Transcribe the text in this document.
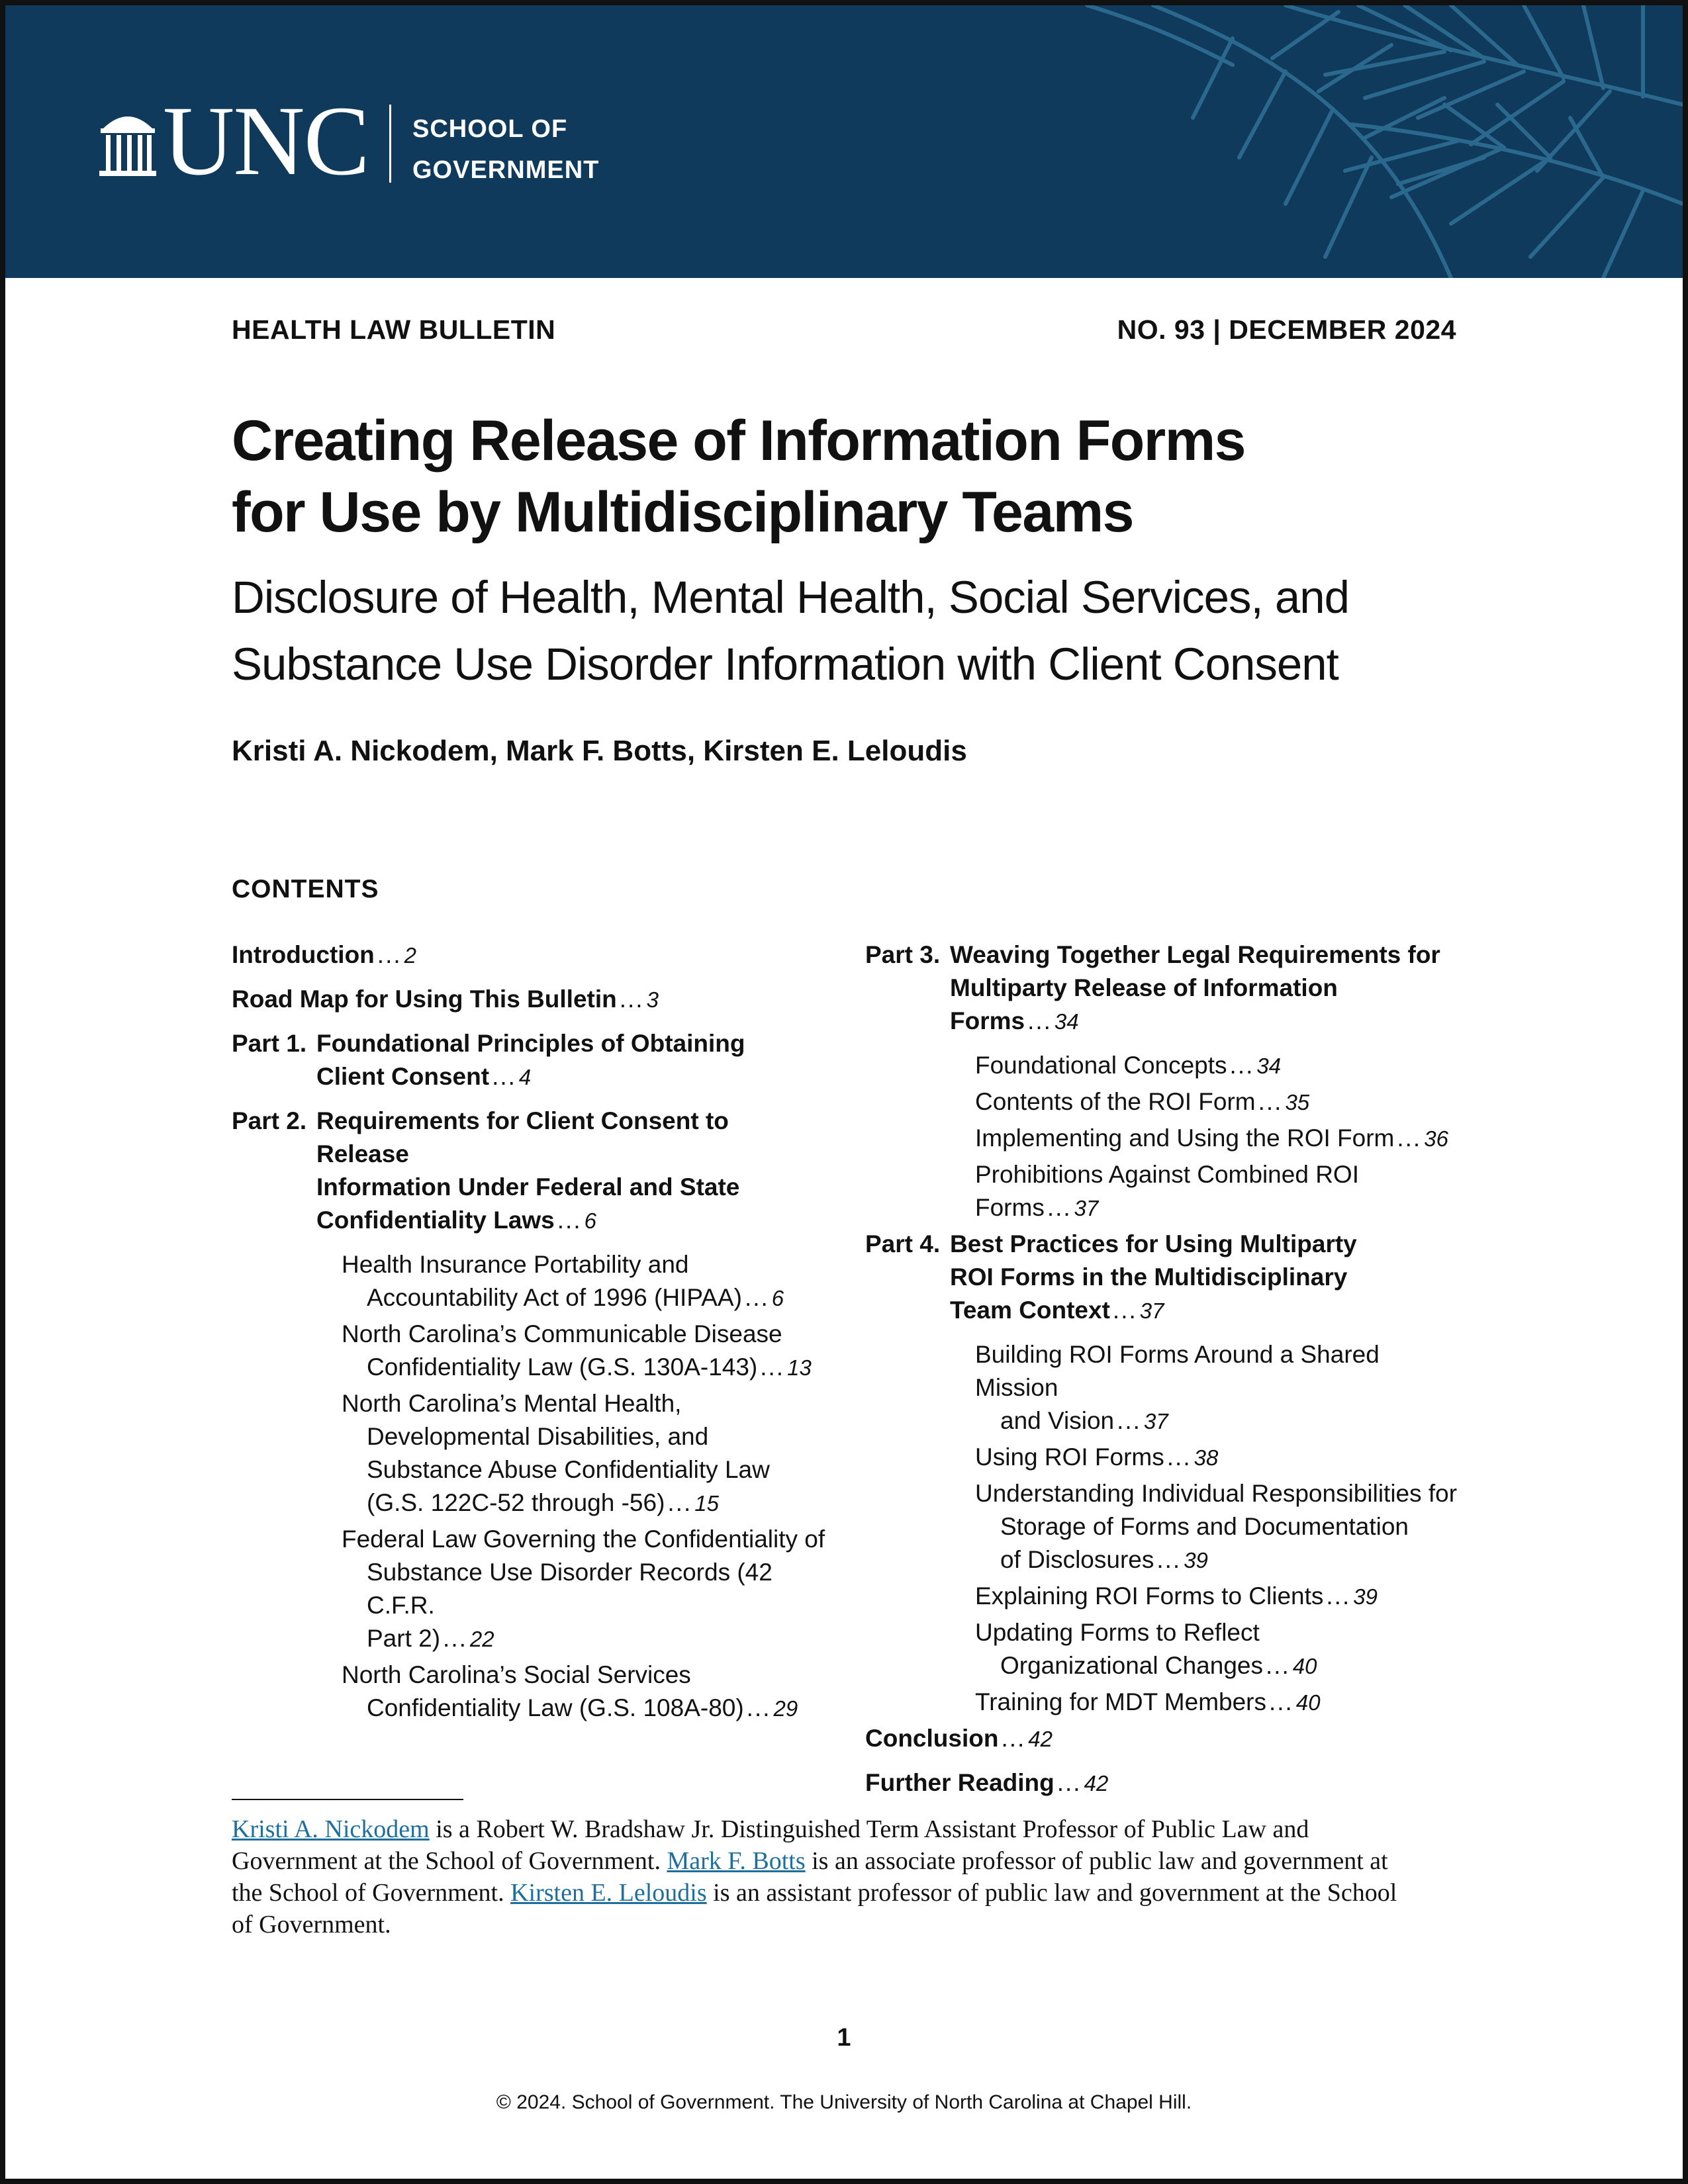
UNC SCHOOL OF
GOVERNMENT
HEALTH LAW BULLETIN	NO. 93 | DECEMBER 2024
Creating Release of Information Forms
for Use by Multidisciplinary Teams
Disclosure of Health, Mental Health, Social Services, and
Substance Use Disorder Information with Client Consent
Kristi A. Nickodem, Mark F. Botts, Kirsten E. Leloudis
CONTENTS
Introduction ... 2
Road Map for Using This Bulletin ... 3
Part 1. Foundational Principles of Obtaining
Client Consent ... 4
Part 2. Requirements for Client Consent to Release
Information Under Federal and State
Confidentiality Laws ... 6
Health Insurance Portability and
Accountability Act of 1996 (HIPAA) ... 6
North Carolina’s Communicable Disease
Confidentiality Law (G.S. 130A-143) ... 13
North Carolina’s Mental Health,
Developmental Disabilities, and
Substance Abuse Confidentiality Law
(G.S. 122C-52 through -56) ... 15
Federal Law Governing the Confidentiality of
Substance Use Disorder Records (42 C.F.R.
Part 2) ... 22
North Carolina’s Social Services
Confidentiality Law (G.S. 108A-80) ... 29
Part 3. Weaving Together Legal Requirements for
Multiparty Release of Information Forms ... 34
Foundational Concepts ... 34
Contents of the ROI Form ... 35
Implementing and Using the ROI Form ... 36
Prohibitions Against Combined ROI Forms ... 37
Part 4. Best Practices for Using Multiparty
ROI Forms in the Multidisciplinary
Team Context ... 37
Building ROI Forms Around a Shared Mission
and Vision ... 37
Using ROI Forms ... 38
Understanding Individual Responsibilities for
Storage of Forms and Documentation
of Disclosures ... 39
Explaining ROI Forms to Clients ... 39
Updating Forms to Reflect
Organizational Changes ... 40
Training for MDT Members ... 40
Conclusion ... 42
Further Reading ... 42

Kristi A. Nickodem is a Robert W. Bradshaw Jr. Distinguished Term Assistant Professor of Public Law and Government at the School of Government. Mark F. Botts is an associate professor of public law and government at the School of Government. Kirsten E. Leloudis is an assistant professor of public law and government at the School of Government.

1
© 2024. School of Government. The University of North Carolina at Chapel Hill.
